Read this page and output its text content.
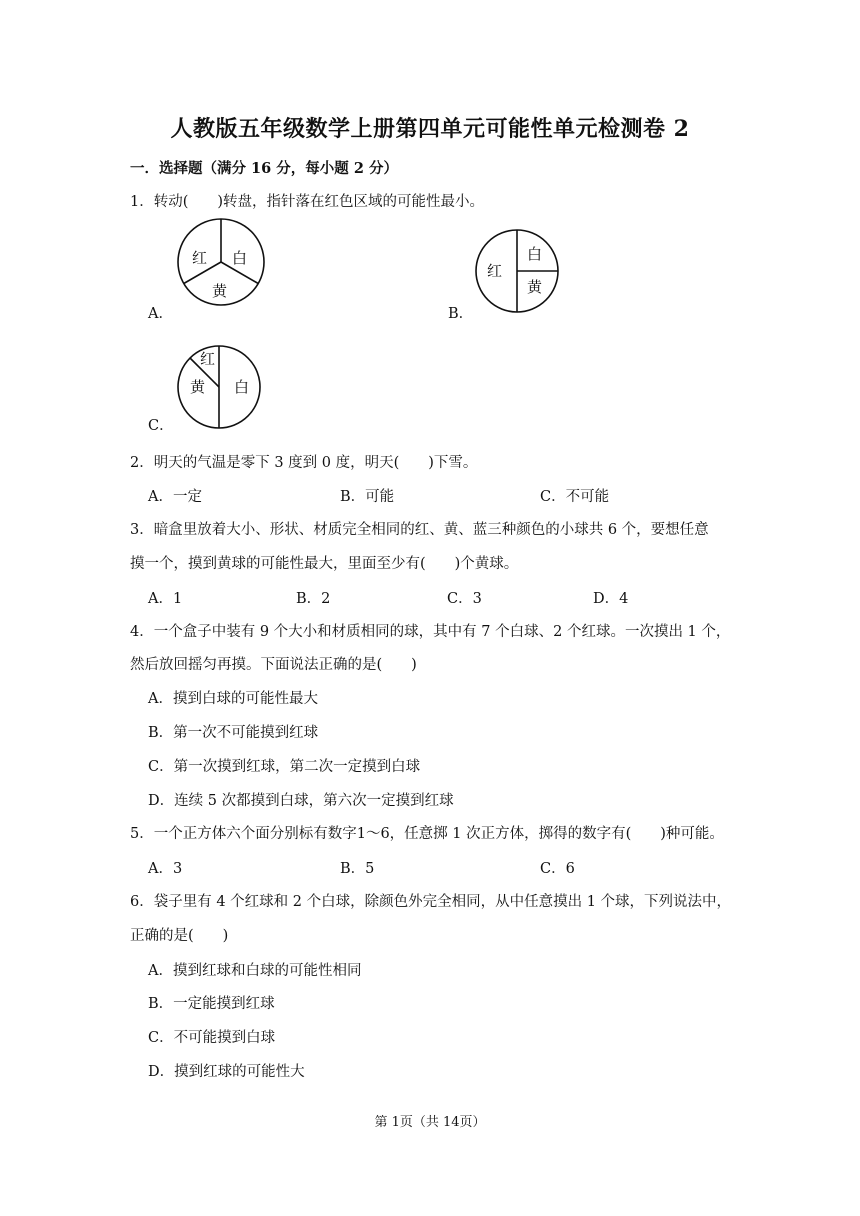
人教版五年级数学上册第四单元可能性单元检测卷 2
一．选择题（满分 16 分，每小题 2 分）
1．转动(　　)转盘，指针落在红色区域的可能性最小。
红 白
黄
A．
红
白
黄
B．
红
黄 白
C．
2．明天的气温是零下 3 度到 0 度，明天(　　)下雪。
A．一定	B．可能	C．不可能
3．暗盒里放着大小、形状、材质完全相同的红、黄、蓝三种颜色的小球共 6 个，要想任意
摸一个，摸到黄球的可能性最大，里面至少有(　　)个黄球。
A．1	B．2	C．3	D．4
4．一个盒子中装有 9 个大小和材质相同的球，其中有 7 个白球、2 个红球。一次摸出 1 个，
然后放回摇匀再摸。下面说法正确的是(　　)
A．摸到白球的可能性最大
B．第一次不可能摸到红球
C．第一次摸到红球，第二次一定摸到白球
D．连续 5 次都摸到白球，第六次一定摸到红球
5．一个正方体六个面分别标有数字1～6，任意掷 1 次正方体，掷得的数字有(　　)种可能。
A．3	B．5	C．6
6．袋子里有 4 个红球和 2 个白球，除颜色外完全相同，从中任意摸出 1 个球，下列说法中，
正确的是(　　)
A．摸到红球和白球的可能性相同
B．一定能摸到红球
C．不可能摸到白球
D．摸到红球的可能性大
第 1页（共 14页）
